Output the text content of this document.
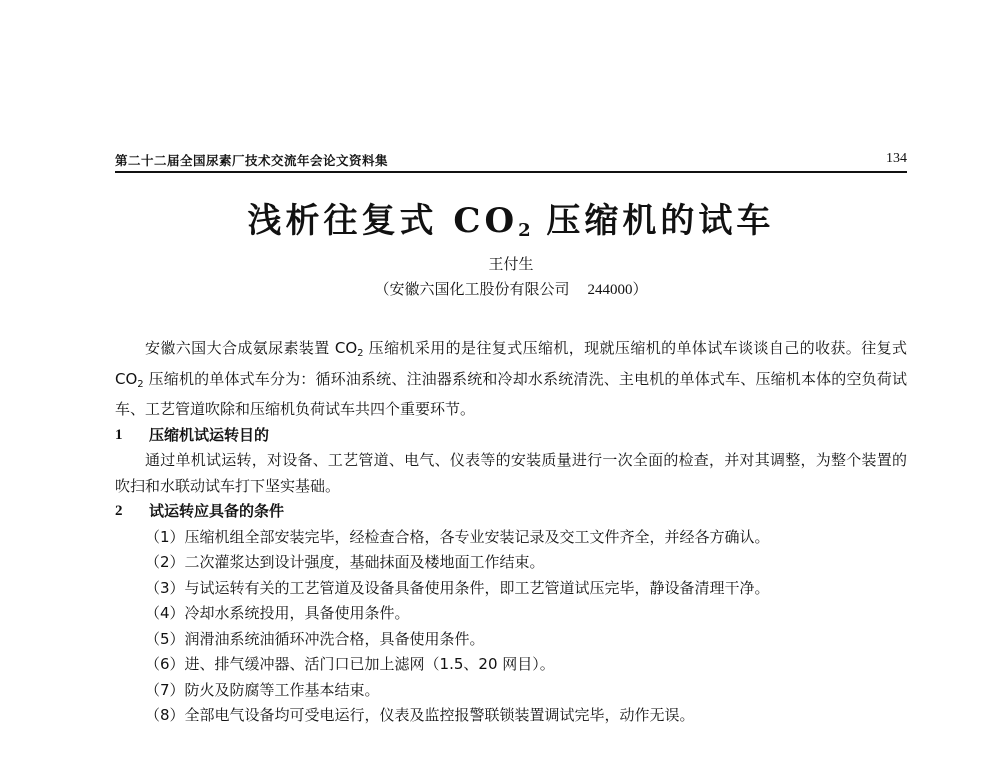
第二十二届全国尿素厂技术交流年会论文资料集	134
浅析往复式 $CO_2$ 压缩机的试车
王付生
（安徽六国化工股份有限公司 244000）

安徽六国大合成氨尿素装置 $CO_2$ 压缩机采用的是往复式压缩机，现就压缩机的单体试车谈谈自己的收获。往复式 $CO_2$ 压缩机的单体式车分为：循环油系统、注油器系统和冷却水系统清洗、主电机的单体式车、压缩机本体的空负荷试车、工艺管道吹除和压缩机负荷试车共四个重要环节。

1	压缩机试运转目的

通过单机试运转，对设备、工艺管道、电气、仪表等的安装质量进行一次全面的检查，并对其调整，为整个装置的吹扫和水联动试车打下坚实基础。

2	试运转应具备的条件

（1）压缩机组全部安装完毕，经检查合格，各专业安装记录及交工文件齐全，并经各方确认。

（2）二次灌浆达到设计强度，基础抹面及楼地面工作结束。

（3）与试运转有关的工艺管道及设备具备使用条件，即工艺管道试压完毕，静设备清理干净。

（4）冷却水系统投用，具备使用条件。

（5）润滑油系统油循环冲洗合格，具备使用条件。

（6）进、排气缓冲器、活门口已加上滤网（1.5、20 网目）。

（7）防火及防腐等工作基本结束。

（8）全部电气设备均可受电运行，仪表及监控报警联锁装置调试完毕，动作无误。
